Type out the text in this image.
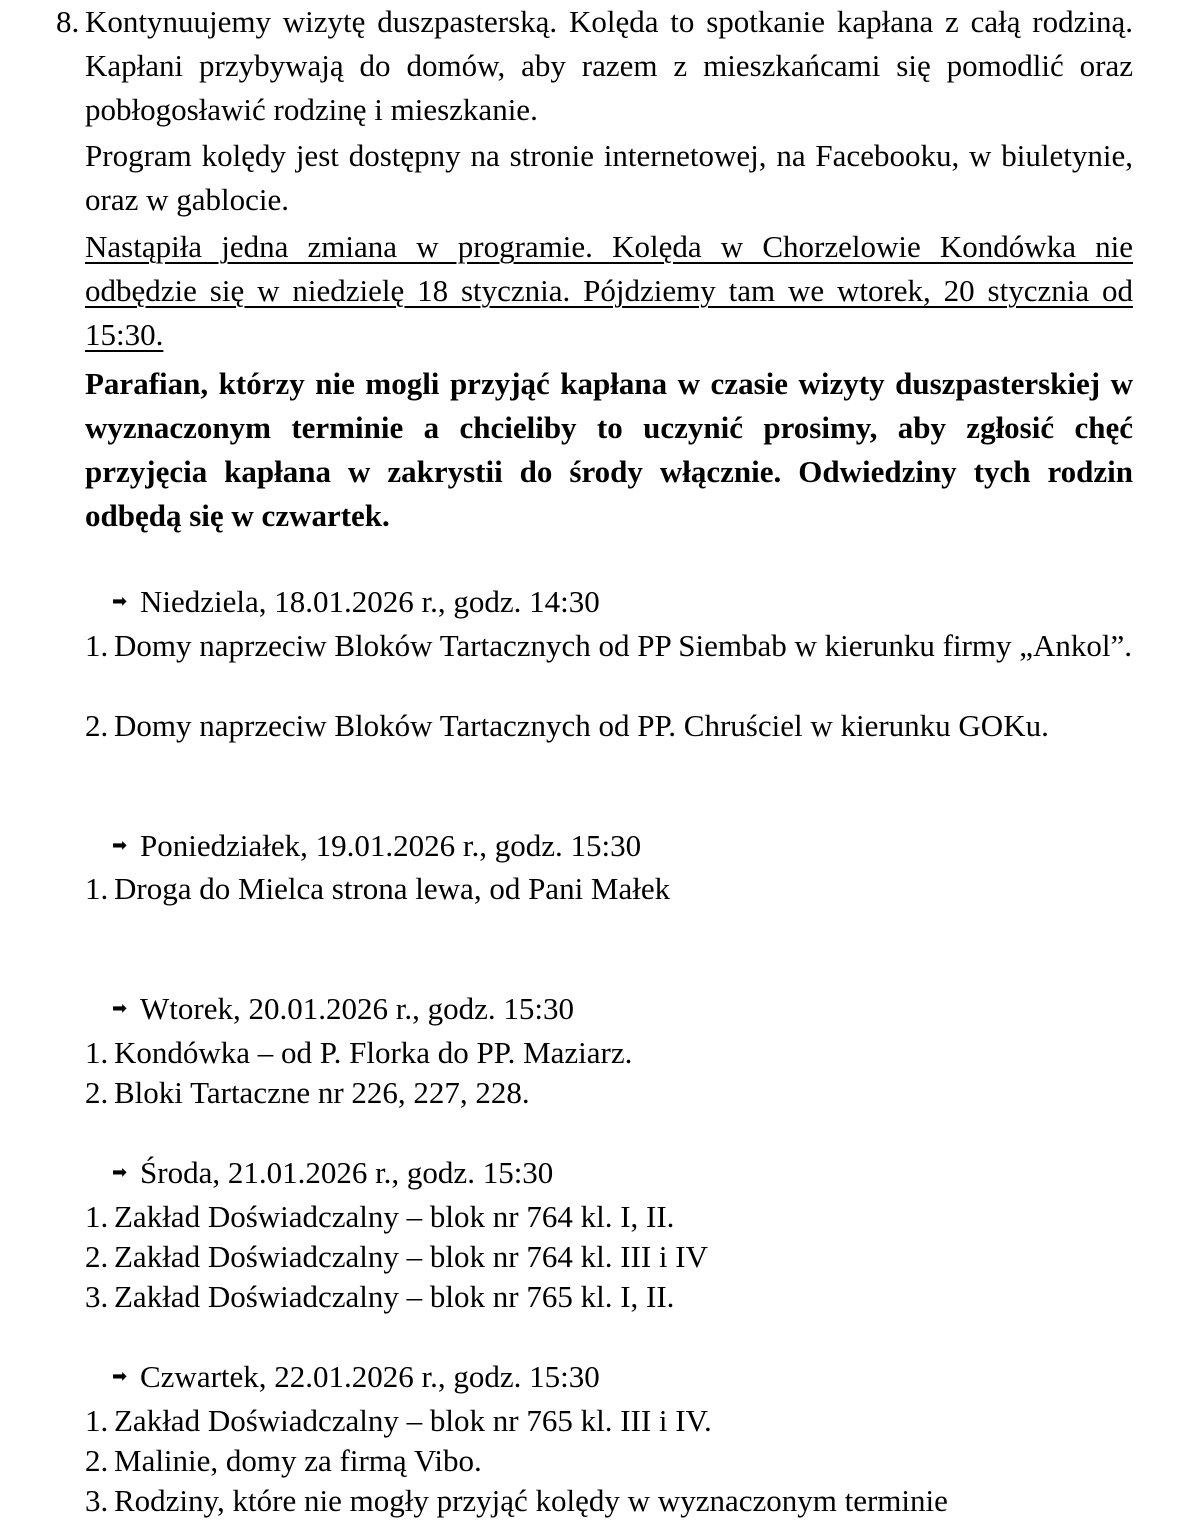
8. Kontynuujemy wizytę duszpasterską. Kolęda to spotkanie kapłana z całą rodziną. Kapłani przybywają do domów, aby razem z mieszkańcami się pomodlić oraz pobłogosławić rodzinę i mieszkanie.

Program kolędy jest dostępny na stronie internetowej, na Facebooku, w biuletynie, oraz w gablocie.

Nastąpiła jedna zmiana w programie. Kolęda w Chorzelowie Kondówka nie odbędzie się w niedzielę 18 stycznia. Pójdziemy tam we wtorek, 20 stycznia od 15:30.

Parafian, którzy nie mogli przyjąć kapłana w czasie wizyty duszpasterskiej w wyznaczonym terminie a chcieliby to uczynić prosimy, aby zgłosić chęć przyjęcia kapłana w zakrystii do środy włącznie. Odwiedziny tych rodzin odbędą się w czwartek.

➡ Niedziela, 18.01.2026 r., godz. 14:30
1. Domy naprzeciw Bloków Tartacznych od PP Siembab w kierunku firmy „Ankol”.
2. Domy naprzeciw Bloków Tartacznych od PP. Chruściel w kierunku GOKu.
➡ Poniedziałek, 19.01.2026 r., godz. 15:30
1. Droga do Mielca strona lewa, od Pani Małek
➡ Wtorek, 20.01.2026 r., godz. 15:30
1. Kondówka – od P. Florka do PP. Maziarz.
2. Bloki Tartaczne nr 226, 227, 228.
➡ Środa, 21.01.2026 r., godz. 15:30
1. Zakład Doświadczalny – blok nr 764 kl. I, II.
2. Zakład Doświadczalny – blok nr 764 kl. III i IV
3. Zakład Doświadczalny – blok nr 765 kl. I, II.
➡ Czwartek, 22.01.2026 r., godz. 15:30
1. Zakład Doświadczalny – blok nr 765 kl. III i IV.
2. Malinie, domy za firmą Vibo.
3. Rodziny, które nie mogły przyjąć kolędy w wyznaczonym terminie
